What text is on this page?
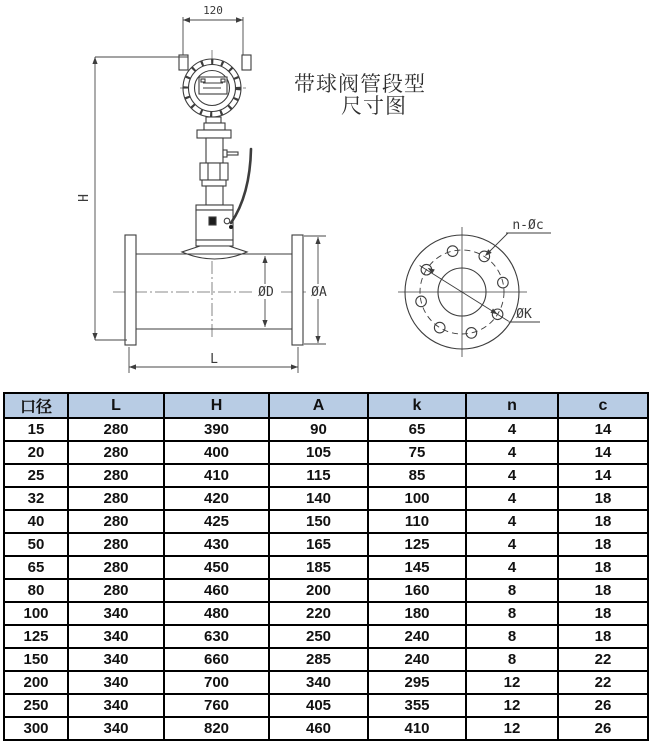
120
H
ØD	ØA
L
带球阀管段型
尺寸图
n-Øc
ØK
口径	L	H	A	k	n	c
15	280	390	90	65	4	14
20	280	400	105	75	4	14
25	280	410	115	85	4	14
32	280	420	140	100	4	18
40	280	425	150	110	4	18
50	280	430	165	125	4	18
65	280	450	185	145	4	18
80	280	460	200	160	8	18
100	340	480	220	180	8	18
125	340	630	250	240	8	18
150	340	660	285	240	8	22
200	340	700	340	295	12	22
250	340	760	405	355	12	26
300	340	820	460	410	12	26
